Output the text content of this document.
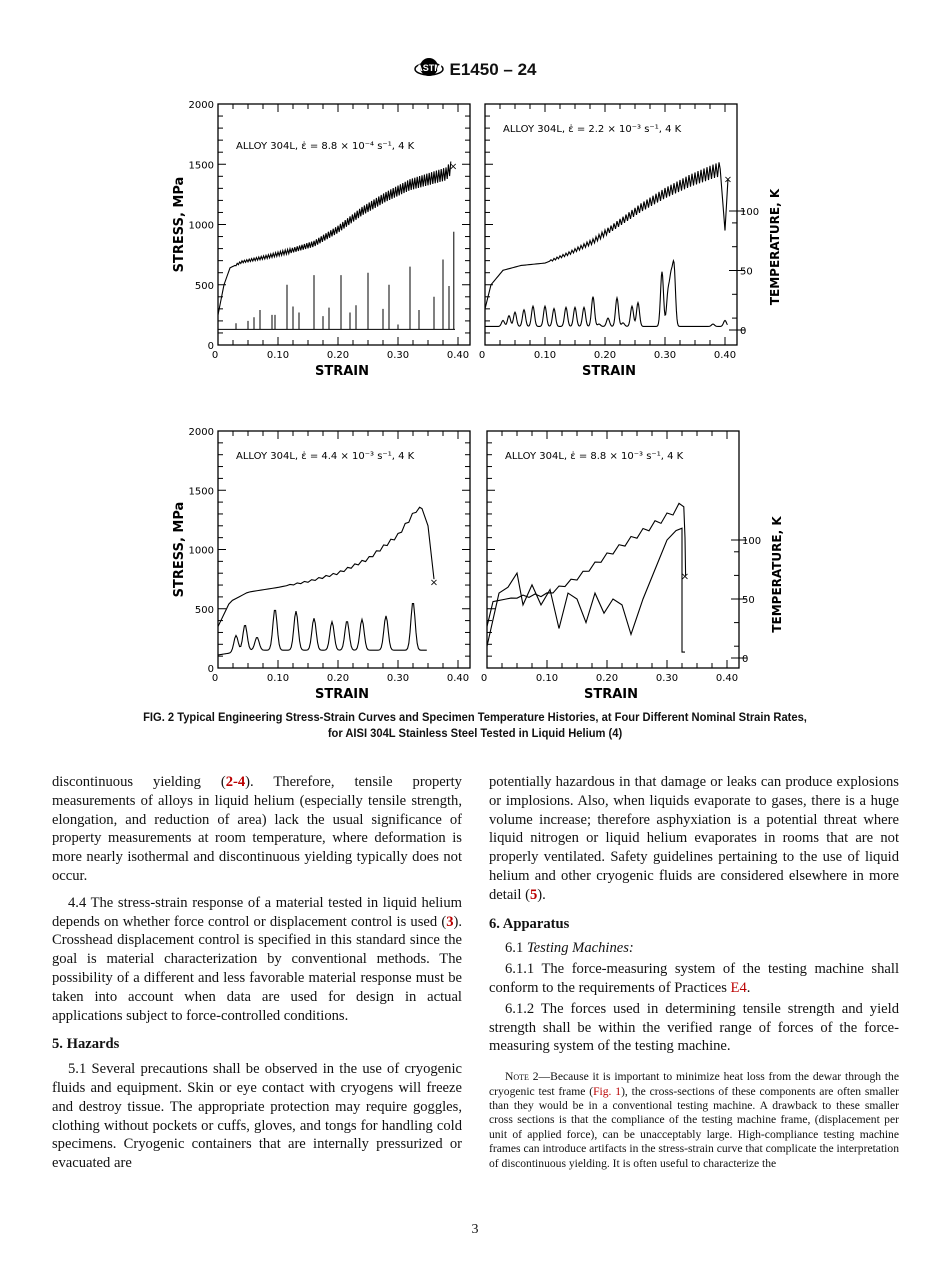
ASTM E1450 – 24
0	0.10	0.20	0.30	0.40
STRAIN
0
500
1000
1500
2000
STRESS, MPa
ALLOY 304L, ε̇ = 8.8 × 10⁻⁴ s⁻¹, 4 K
×
0	0.10	0.20	0.30	0.40
STRAIN
0
50
100 TEMPERATURE, K
ALLOY 304L, ε̇ = 2.2 × 10⁻³ s⁻¹, 4 K
×
0	0.10	0.20	0.30	0.40
STRAIN
0
500
1000
1500
2000
STRESS, MPa
ALLOY 304L, ε̇ = 4.4 × 10⁻³ s⁻¹, 4 K
×
0	0.10	0.20	0.30	0.40
STRAIN
0
50
100 TEMPERATURE, K
ALLOY 304L, ε̇ = 8.8 × 10⁻³ s⁻¹, 4 K
×
FIG. 2 Typical Engineering Stress-Strain Curves and Specimen Temperature Histories, at Four Different Nominal Strain Rates,
for AISI 304L Stainless Steel Tested in Liquid Helium (4)

discontinuous yielding (2-4). Therefore, tensile property measurements of alloys in liquid helium (especially tensile strength, elongation, and reduction of area) lack the usual significance of property measurements at room temperature, where deformation is more nearly isothermal and discontinuous yielding typically does not occur.

4.4 The stress-strain response of a material tested in liquid helium depends on whether force control or displacement control is used (3). Crosshead displacement control is specified in this standard since the goal is material characterization by conventional methods. The possibility of a different and less favorable material response must be taken into account when data are used for design in actual applications subject to force-controlled conditions.

5. Hazards

5.1 Several precautions shall be observed in the use of cryogenic fluids and equipment. Skin or eye contact with cryogens will freeze and destroy tissue. The appropriate protection may require goggles, clothing without pockets or cuffs, gloves, and tongs for handling cold specimens. Cryogenic containers that are internally pressurized or evacuated are

potentially hazardous in that damage or leaks can produce explosions or implosions. Also, when liquids evaporate to gases, there is a huge volume increase; therefore asphyxiation is a potential threat where liquid nitrogen or liquid helium evaporates in rooms that are not properly ventilated. Safety guidelines pertaining to the use of liquid helium and other cryogenic fluids are considered elsewhere in more detail (5).

6. Apparatus

6.1 Testing Machines:

6.1.1 The force-measuring system of the testing machine shall conform to the requirements of Practices E4.

6.1.2 The forces used in determining tensile strength and yield strength shall be within the verified range of forces of the force-measuring system of the testing machine.

Note 2—Because it is important to minimize heat loss from the dewar through the cryogenic test frame (Fig. 1), the cross-sections of these components are often smaller than they would be in a conventional testing machine. A drawback to these smaller cross sections is that the compliance of the testing machine frame, (displacement per unit of applied force), can be unacceptably large. High-compliance testing machine frames can introduce artifacts in the stress-strain curve that complicate the interpretation of discontinuous yielding. It is often useful to characterize the

3
